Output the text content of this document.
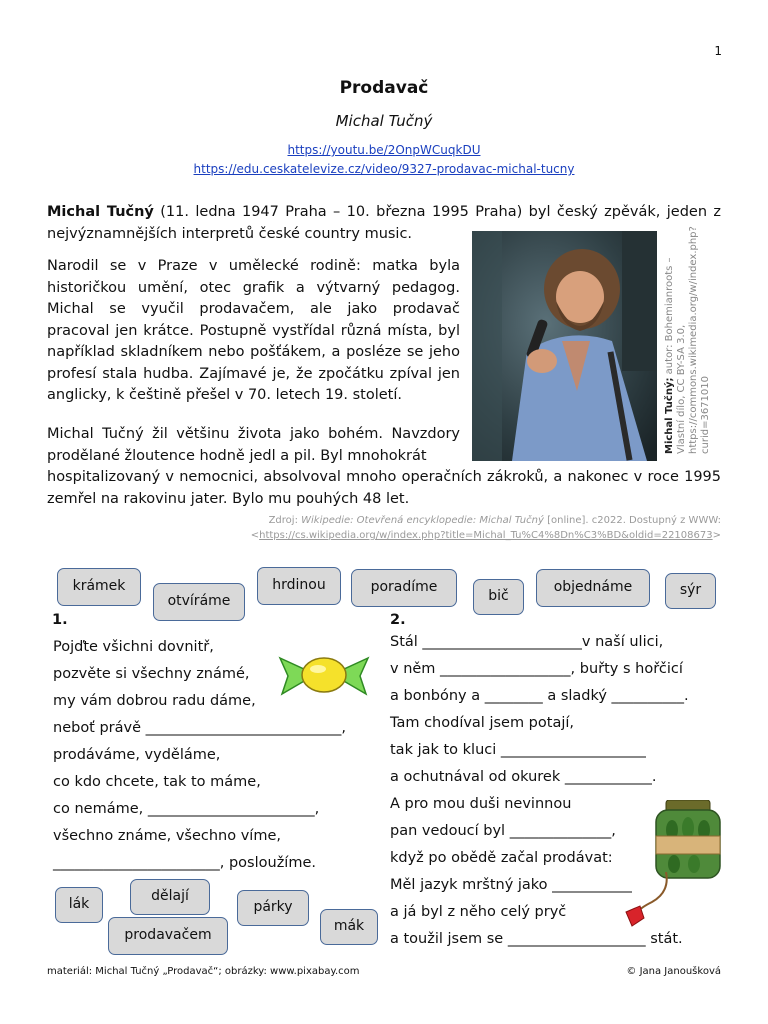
1
Prodavač
Michal Tučný
https://youtu.be/2OnpWCuqkDU
https://edu.ceskatelevize.cz/video/9327-prodavac-michal-tucny
Michal Tučný (11. ledna 1947 Praha – 10. března 1995 Praha) byl český zpěvák, jeden z nejvýznamnějších interpretů české country music.
Narodil se v Praze v umělecké rodině: matka byla historičkou umění, otec grafik a výtvarný pedagog. Michal se vyučil prodavačem, ale jako prodavač pracoval jen krátce. Postupně vystřídal různá místa, byl například skladníkem nebo pošťákem, a posléze se jeho profesí stala hudba. Zajímavé je, že zpočátku zpíval jen anglicky, k češtině přešel v 70. letech 19. století.
Michal Tučný žil většinu života jako bohém. Navzdory prodělané žloutence hodně jedl a pil. Byl mnohokrát
hospitalizovaný v nemocnici, absolvoval mnoho operačních zákroků, a nakonec v roce 1995 zemřel na rakovinu jater. Bylo mu pouhých 48 let.
Michal Tučný; autor: Bohemianroots – Vlastní dílo, CC BY-SA 3.0, https://commons.wikimedia.org/w/index.php?curid=3671010
Zdroj: Wikipedie: Otevřená encyklopedie: Michal Tučný [online]. c2022. Dostupný z WWW:
<https://cs.wikipedia.org/w/index.php?title=Michal_Tu%C4%8Dn%C3%BD&oldid=22108673>
krámek
otvíráme
hrdinou	poradíme
bič
objednáme	sýr
1.
Pojďte všichni dovnitř,
pozvěte si všechny známé,
my vám dobrou radu dáme,
neboť právě ___________________________,
prodáváme, vyděláme,
co kdo chcete, tak to máme,
co nemáme, _______________________,
všechno známe, všechno víme,
_______________________, posloužíme.
2.
Stál ______________________v naší ulici,
v něm __________________, buřty s hořčicí
a bonbóny a ________ a sladký __________.
Tam chodíval jsem potají,
tak jak to kluci ____________________
a ochutnával od okurek ____________.
A pro mou duši nevinnou
pan vedoucí byl ______________,
když po obědě začal prodávat:
Měl jazyk mrštný jako ___________
a já byl z něho celý pryč
a toužil jsem se ___________________ stát.
lák	dělají
prodavačem
párky
mák
materiál: Michal Tučný „Prodavač“; obrázky: www.pixabay.com	© Jana Janoušková
